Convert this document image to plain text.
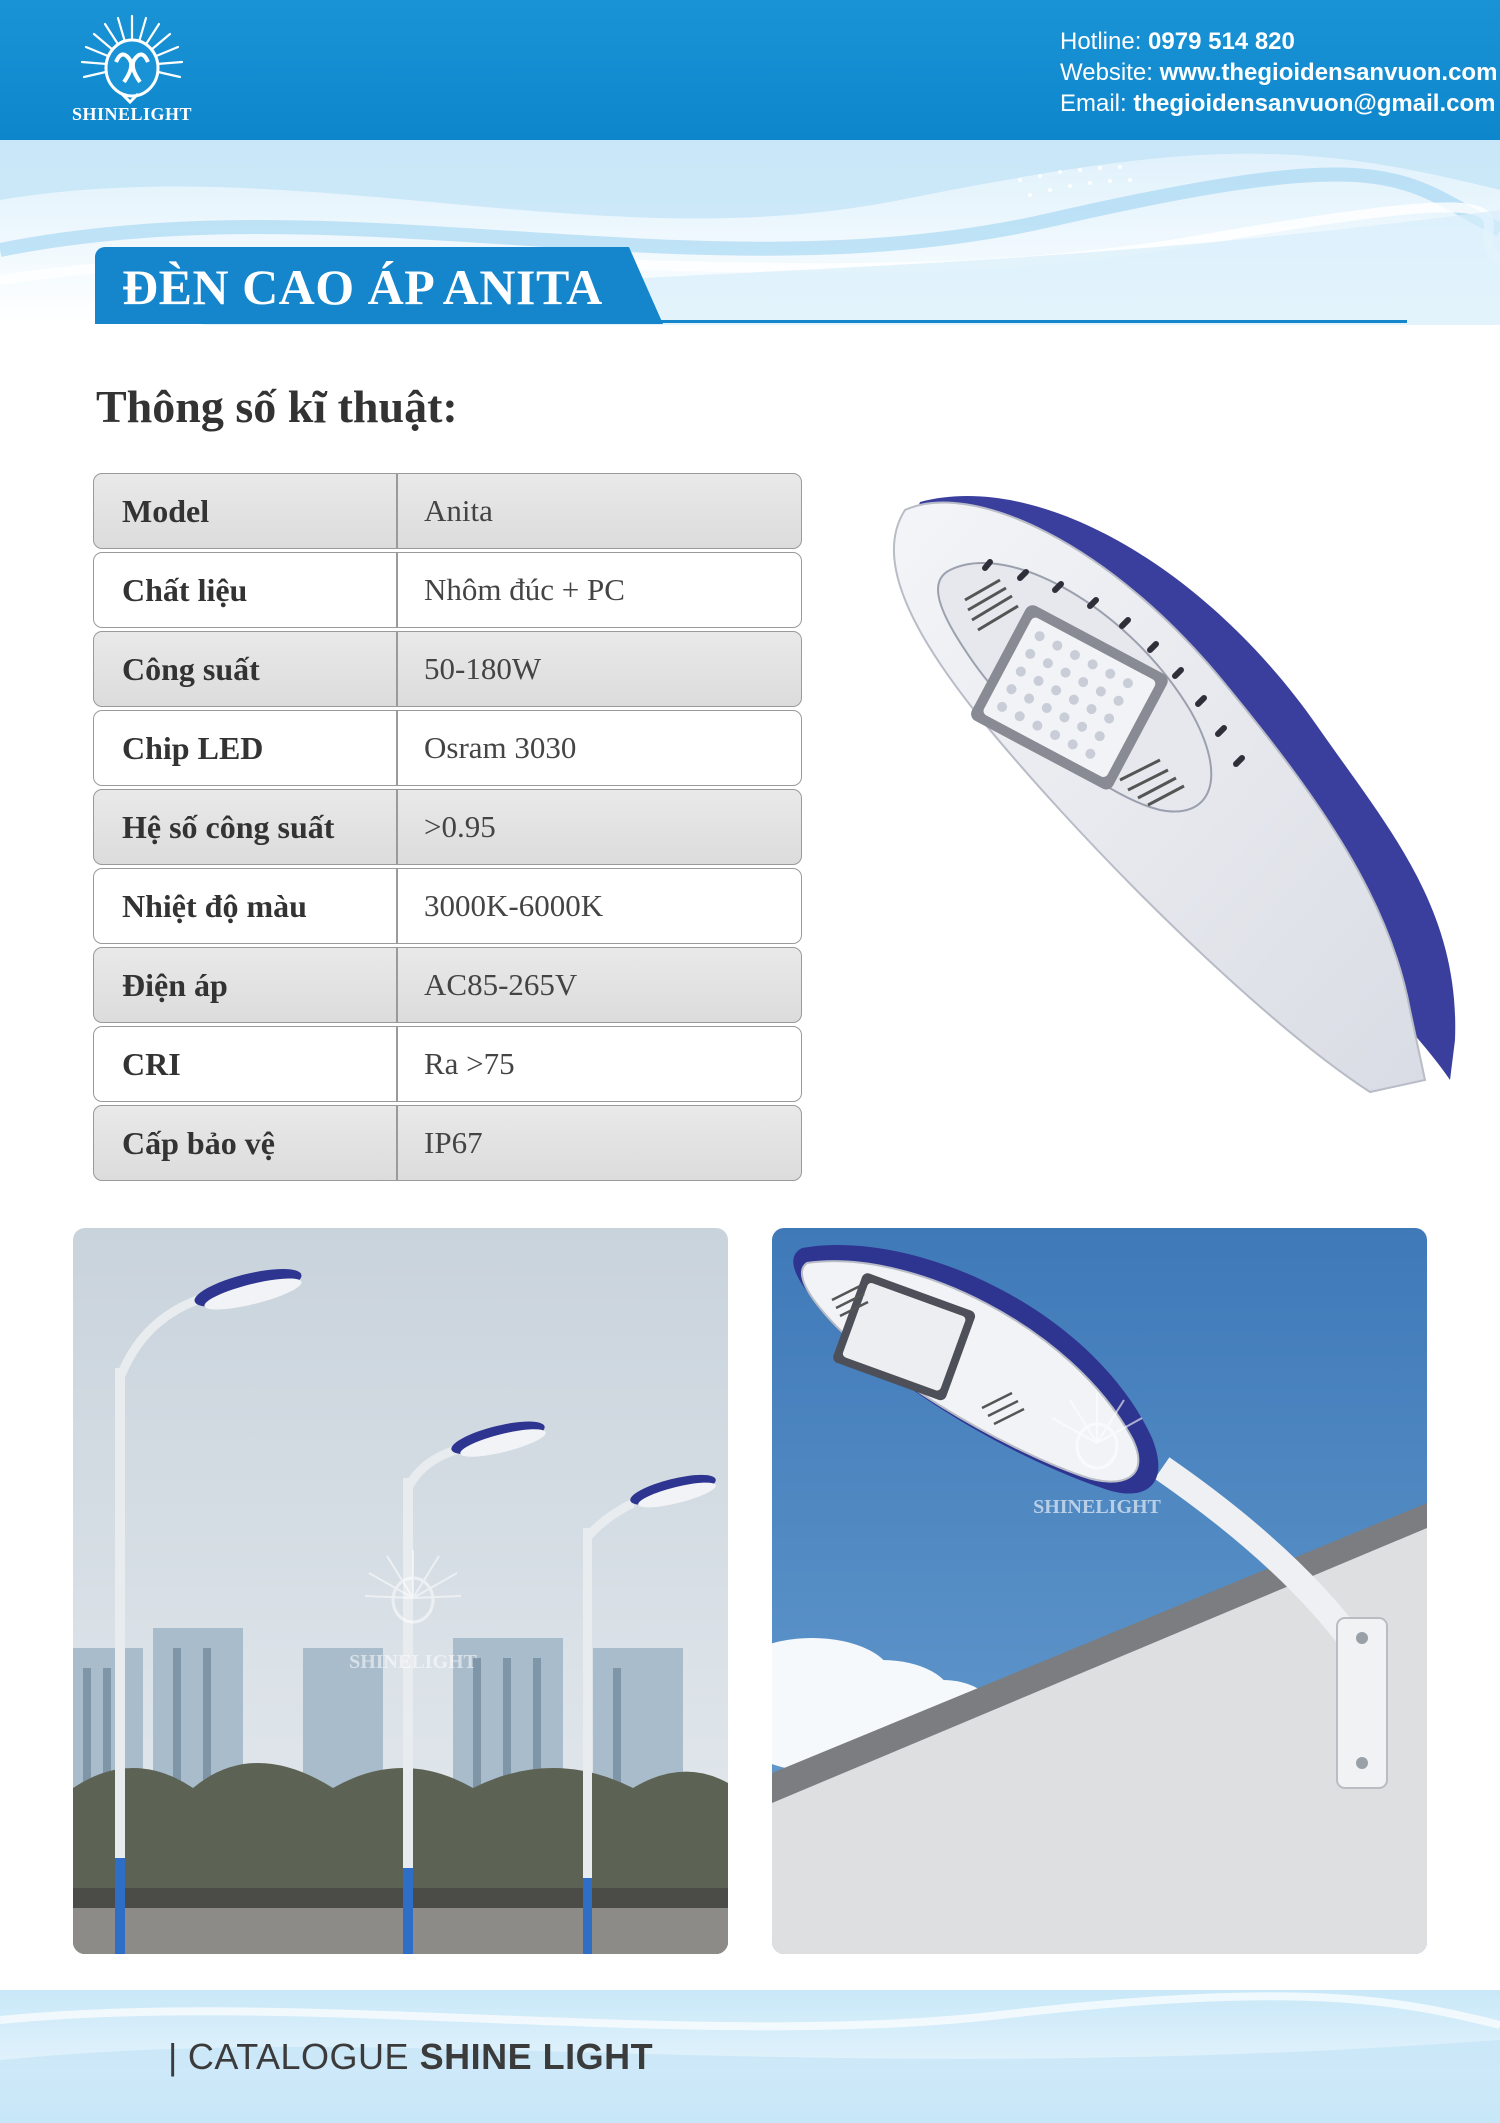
SHINELIGHT
Hotline: 0979 514 820
Website: www.thegioidensanvuon.com
Email: thegioidensanvuon@gmail.com
ĐÈN CAO ÁP ANITA
Thông số kĩ thuật:
Model	Anita
Chất liệu	Nhôm đúc + PC
Công suất	50-180W
Chip LED	Osram 3030
Hệ số công suất	>0.95
Nhiệt độ màu	3000K-6000K
Điện áp	AC85-265V
CRI	Ra >75
Cấp bảo vệ	IP67
SHINELIGHT
SHINELIGHT
| CATALOGUE SHINE LIGHT
